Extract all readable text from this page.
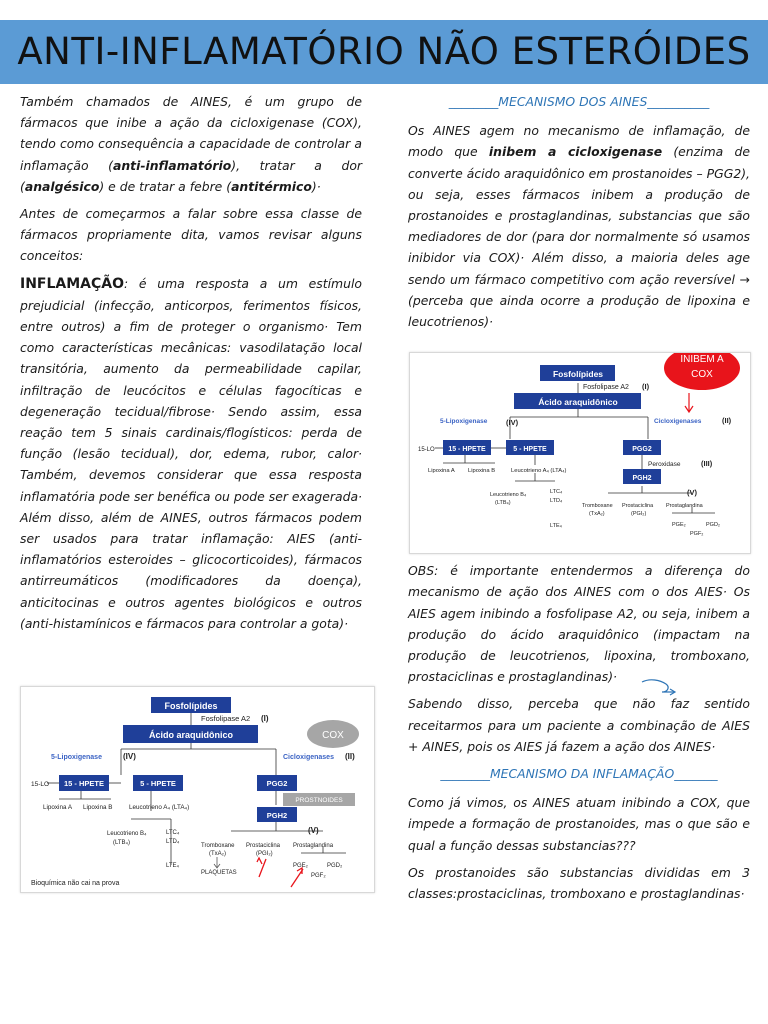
ANTI-INFLAMATÓRIO NÃO ESTERÓIDES

Também chamados de AINES, é um grupo de fármacos que inibe a ação da cicloxigenase (COX), tendo como consequência a capacidade de controlar a inflamação (anti-inflamatório), tratar a dor (analgésico) e de tratar a febre (antitérmico)·

Antes de começarmos a falar sobre essa classe de fármacos propriamente dita, vamos revisar alguns conceitos:

INFLAMAÇÃO: é uma resposta a um estímulo prejudicial (infecção, anticorpos, ferimentos físicos, entre outros) a fim de proteger o organismo· Tem como características mecânicas: vasodilatação local transitória, aumento da permeabilidade capilar, infiltração de leucócitos e células fagocíticas e degeneração tecidual/fibrose· Sendo assim, essa reação tem 5 sinais cardinais/flogísticos: perda de função (lesão tecidual), dor, edema, rubor, calor· Também, devemos considerar que essa resposta inflamatória pode ser benéfica ou pode ser exagerada· Além disso, além de AINES, outros fármacos podem ser usados para tratar inflamação: AIES (anti-inflamatórios esteroides – glicocorticoides), fármacos antirreumáticos (modificadores da doença), anticitocinas e outros agentes biológicos e outros (anti-histamínicos e fármacos para controlar a gota)·

________MECANISMO DOS AINES__________

Os AINES agem no mecanismo de inflamação, de modo que inibem a cicloxigenase (enzima de converte ácido araquidônico em prostanoides – PGG2), ou seja, esses fármacos inibem a produção de prostanoides e prostaglandinas, substancias que são mediadores de dor (para dor normalmente só usamos inibidor via COX)· Além disso, a maioria deles age sendo um fármaco competitivo com ação reversível → (perceba que ainda ocorre a produção de lipoxina e leucotrienos)·

OBS: é importante entendermos a diferença do mecanismo de ação dos AINES com o dos AIES· Os AIES agem inibindo a fosfolipase A2, ou seja, inibem a produção do ácido araquidônico (impactam na produção de leucotrienos, lipoxina, tromboxano, prostaciclinas e prostaglandinas)·

Sabendo disso, perceba que não faz sentido receitarmos para um paciente a combinação de AIES + AINES, pois os AIES já fazem a ação dos AINES·

________MECANISMO DA INFLAMAÇÃO_______

Como já vimos, os AINES atuam inibindo a COX, que impede a formação de prostanoides, mas o que são e qual a função dessas substancias???

Os prostanoides são substancias divididas em 3 classes:prostaciclinas, tromboxano e prostaglandinas·

Fosfolípides
Fosfolipase A2 (I)
Ácido araquidônico
5-Lipoxigenase (IV)	Cicloxigenases	(II)
15-LO 15 - HPETE	5 - HPETE	PGG2
Lipoxina A Lipoxina B	Leucotrieno A₄ (LTA₄)
Peroxidase	(III)
PGH2
(V)
Leucotrieno B₄
(LTB₄)
LTC₄
LTD₄
LTE₄
Tromboxane
(TxA₂)
Prostaciclina
(PGI₂)
Prostaglandina
PGE₂	PGD₂
PGF₂
INIBEM A
COX
Fosfolípides
Fosfolipase A2 (I)
Ácido araquidônico
5-Lipoxigenase	(IV)	Cicloxigenases (II)
15-LO 15 - HPETE	5 - HPETE	PGG2
Lipoxina A Lipoxina B	Leucotrieno A₄ (LTA₄)
PROSTNOIDES
PGH2
(V)
Leucotrieno B₄
(LTB₄)
LTC₄
LTD₄
LTE₄
Tromboxane
(TxA₂)
Prostaciclina
(PGI₂)
Prostaglandina
PGE₂	PGD₂
PGF₂
PLAQUETAS
Bioquímica não cai na prova
COX
